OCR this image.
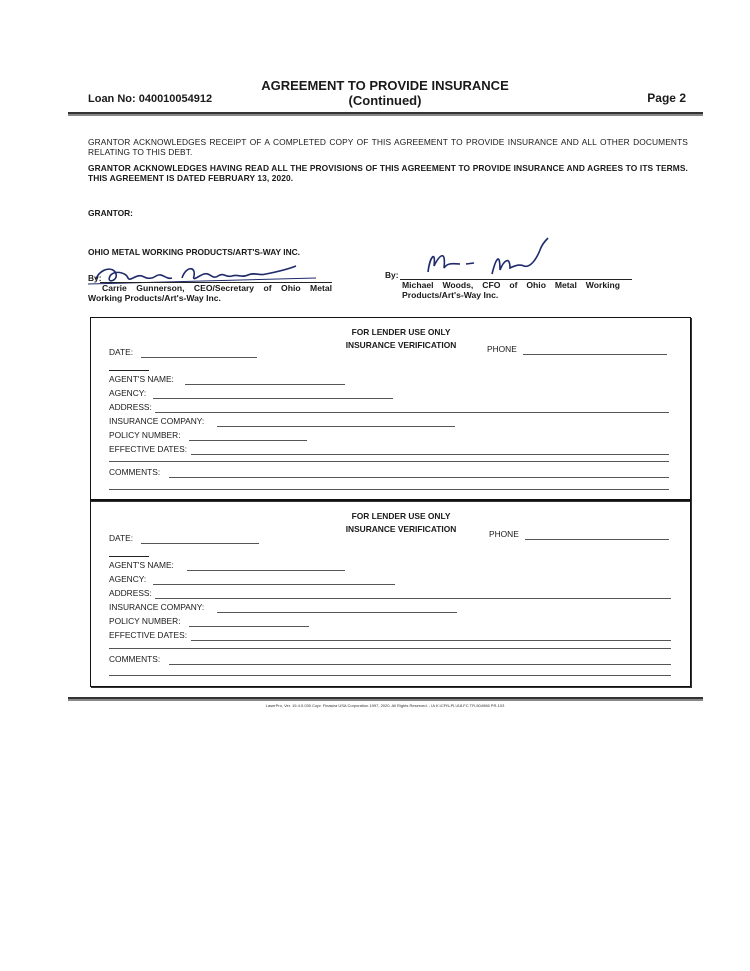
Loan No: 040010054912
AGREEMENT TO PROVIDE INSURANCE
(Continued)	Page 2
GRANTOR ACKNOWLEDGES RECEIPT OF A COMPLETED COPY OF THIS AGREEMENT TO PROVIDE INSURANCE AND ALL OTHER DOCUMENTS RELATING TO THIS DEBT.
GRANTOR ACKNOWLEDGES HAVING READ ALL THE PROVISIONS OF THIS AGREEMENT TO PROVIDE INSURANCE AND AGREES TO ITS TERMS. THIS AGREEMENT IS DATED FEBRUARY 13, 2020.
GRANTOR:
OHIO METAL WORKING PRODUCTS/ART'S-WAY INC.
By:
Carrie Gunnerson, CEO/Secretary of Ohio Metal
Working Products/Art's-Way Inc.
By:
Michael Woods, CFO of Ohio Metal Working
Products/Art's-Way Inc.
FOR LENDER USE ONLY
INSURANCE VERIFICATION
DATE:	PHONE
AGENT'S NAME:
AGENCY:
ADDRESS:
INSURANCE COMPANY:
POLICY NUMBER:
EFFECTIVE DATES:
COMMENTS:
FOR LENDER USE ONLY
INSURANCE VERIFICATION
DATE:	PHONE
AGENT'S NAME:
AGENCY:
ADDRESS:
INSURANCE COMPANY:
POLICY NUMBER:
EFFECTIVE DATES:
COMMENTS:
LaserPro, Ver. 19.4.0.030 Copr. Finastra USA Corporation 1997, 2020. All Rights Reserved. - IA K:\CFI\LPL\I18.FC TR-504986 PR-103
